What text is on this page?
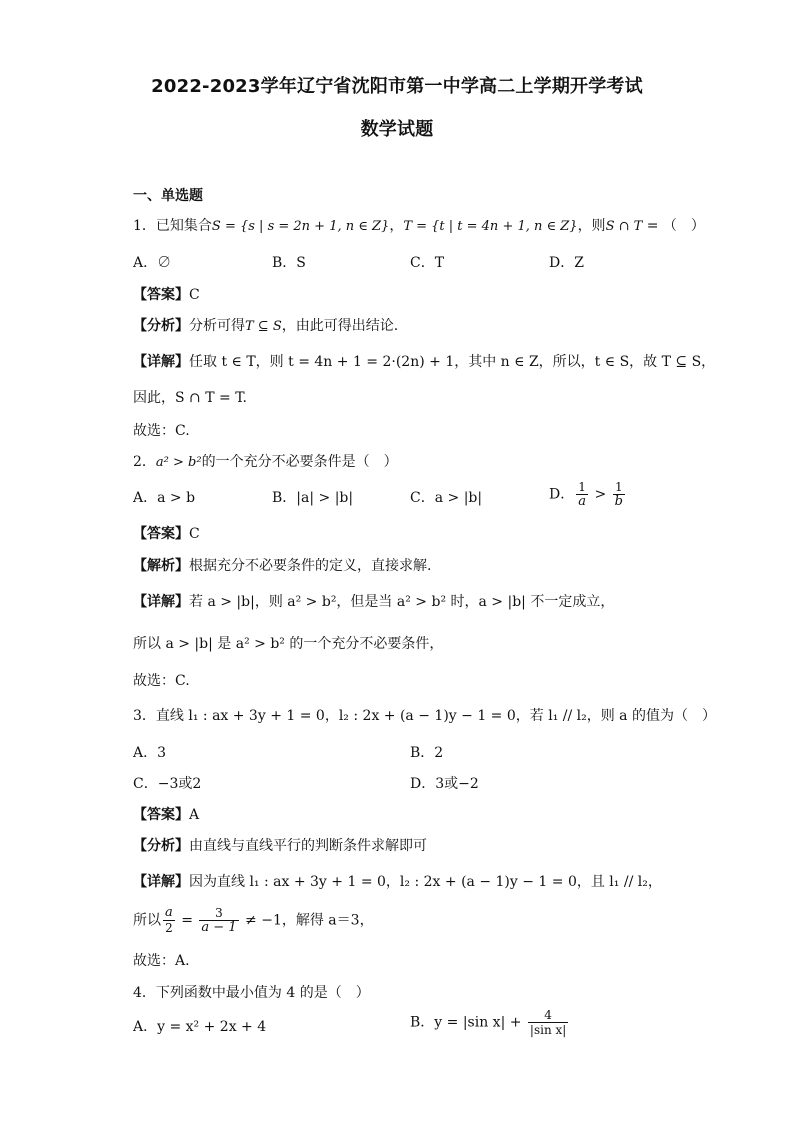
2022-2023学年辽宁省沈阳市第一中学高二上学期开学考试
数学试题
一、单选题
1．已知集合S = {s | s = 2n + 1, n ∈ Z}，T = {t | t = 4n + 1, n ∈ Z}，则S ∩ T = （　）
A．∅	B．S	C．T	D．Z
【答案】C
【分析】分析可得T ⊆ S，由此可得出结论.
【详解】任取 t ∈ T，则 t = 4n + 1 = 2·(2n) + 1，其中 n ∈ Z，所以，t ∈ S，故 T ⊆ S，
因此，S ∩ T = T.
故选：C.
2．a² > b²的一个充分不必要条件是（　）
A．a > b	B．|a| > |b|	C．a > |b|	D． $\frac{1}{a} > \frac{1}{b}$
【答案】C
【解析】根据充分不必要条件的定义，直接求解.
【详解】若 a > |b|，则 a² > b²，但是当 a² > b² 时，a > |b| 不一定成立，
所以 a > |b| 是 a² > b² 的一个充分不必要条件，
故选：C.
3．直线 l₁ : ax + 3y + 1 = 0，l₂ : 2x + (a − 1)y − 1 = 0，若 l₁ // l₂，则 a 的值为（　）
A．3	B．2
C．−3或2	D．3或−2
【答案】A
【分析】由直线与直线平行的判断条件求解即可
【详解】因为直线 l₁ : ax + 3y + 1 = 0，l₂ : 2x + (a − 1)y − 1 = 0，且 l₁ // l₂，
所以 $\frac{a}{2} = \frac{3}{a - 1} \ne -1$，解得 a＝3，
故选：A.
4．下列函数中最小值为 4 的是（　）
A．y = x² + 2x + 4	B．y = |sin $x| + \frac{4}{\text{|sin x|}}$
